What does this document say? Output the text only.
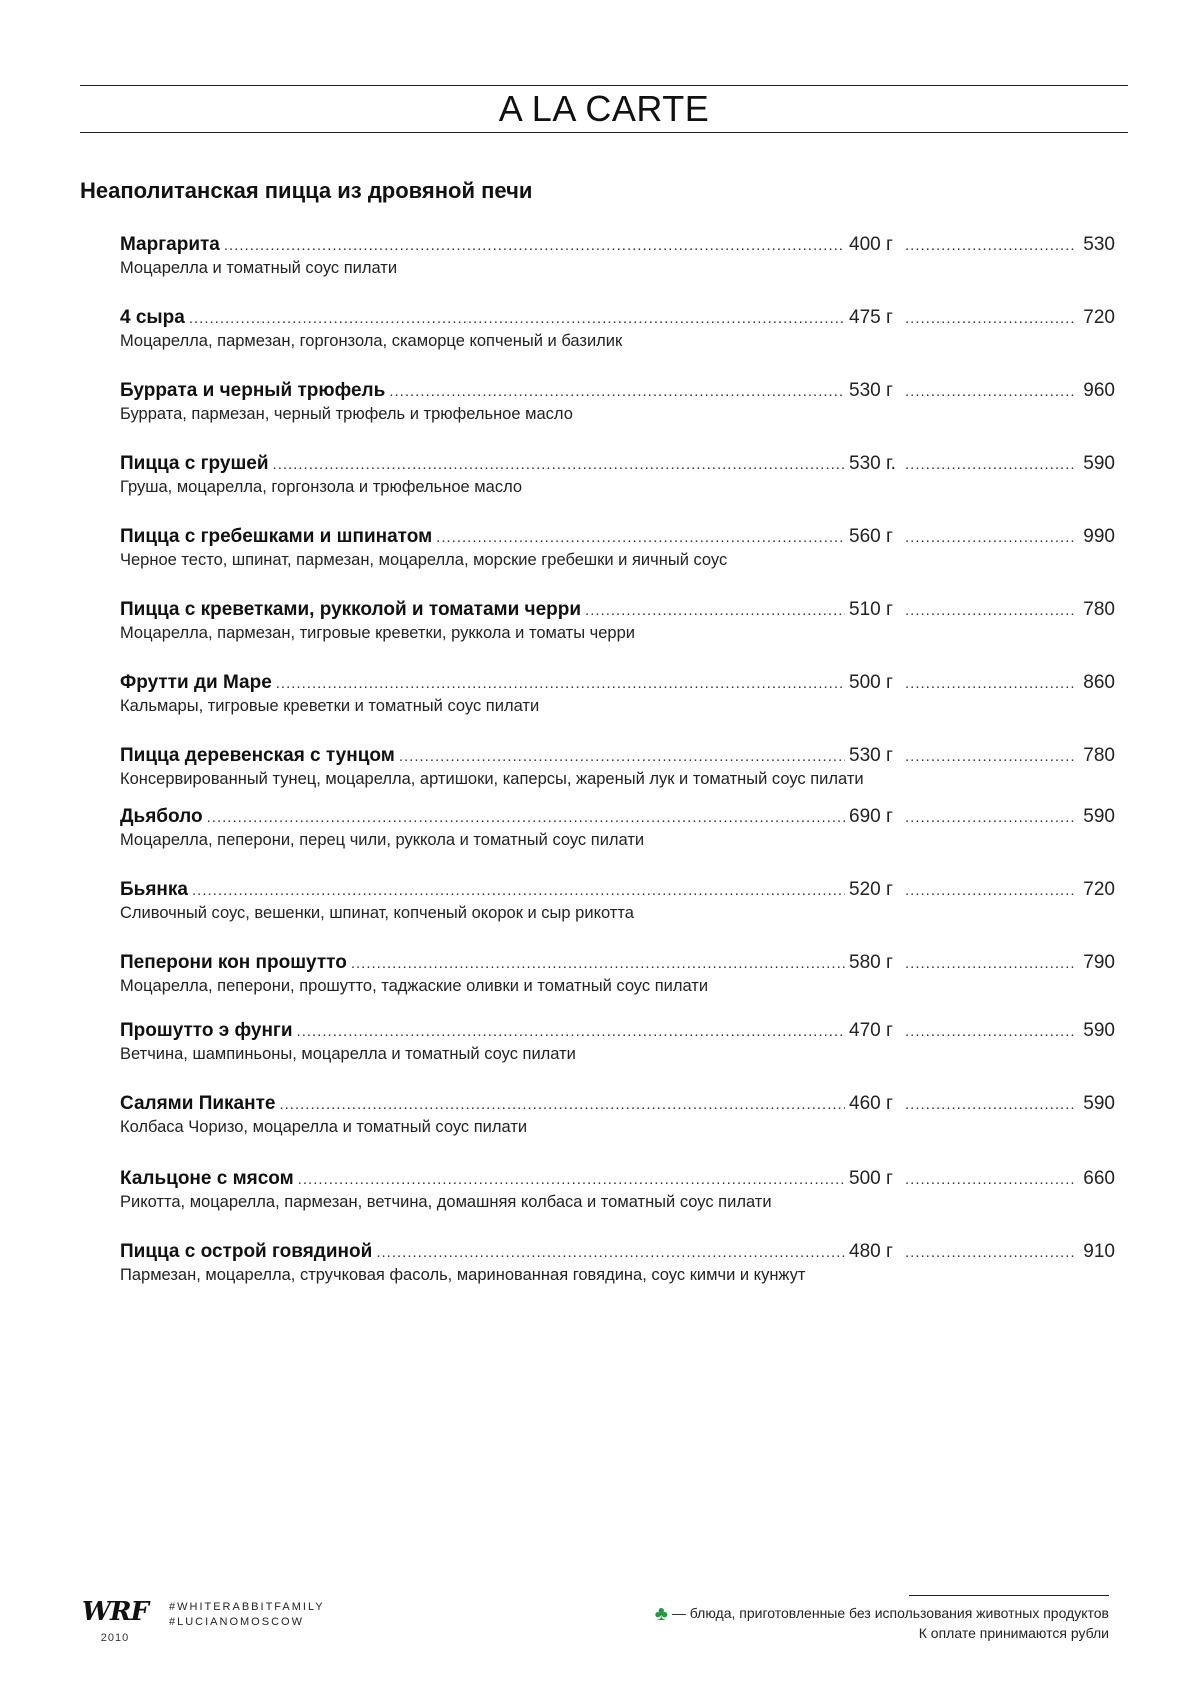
A LA CARTE
Неаполитанская пицца из дровяной печи
Маргарита .....	400 г .....	530
Моцарелла и томатный соус пилати
4 сыра .....	475 г .....	720
Моцарелла, пармезан, горгонзола, скаморце копченый и базилик
Буррата и черный трюфель .....	530 г .....	960
Буррата, пармезан, черный трюфель и трюфельное масло
Пицца с грушей .....	530 г. .....	590
Груша, моцарелла, горгонзола и трюфельное масло
Пицца с гребешками и шпинатом .....	560 г .....	990
Черное тесто, шпинат, пармезан, моцарелла, морские гребешки и яичный соус
Пицца с креветками, рукколой и томатами черри .....	510 г .....	780
Моцарелла, пармезан, тигровые креветки, руккола и томаты черри
Фрутти ди Маре .....	500 г .....	860
Кальмары, тигровые креветки и томатный соус пилати
Пицца деревенская с тунцом .....	530 г .....	780
Консервированный тунец, моцарелла, артишоки, каперсы, жареный лук и томатный соус пилати
Дьяболо .....	690 г .....	590
Моцарелла, пеперони, перец чили, руккола и томатный соус пилати
Бьянка .....	520 г .....	720
Сливочный соус, вешенки, шпинат, копченый окорок и сыр рикотта
Пеперони кон прошутто .....	580 г .....	790
Моцарелла, пеперони, прошутто, таджаские оливки и томатный соус пилати
Прошутто э фунги .....	470 г .....	590
Ветчина, шампиньоны, моцарелла и томатный соус пилати
Салями Пиканте .....	460 г .....	590
Колбаса Чоризо, моцарелла и томатный соус пилати
Кальцоне с мясом .....	500 г .....	660
Рикотта, моцарелла, пармезан, ветчина, домашняя колбаса и томатный соус пилати
Пицца с острой говядиной .....	480 г .....	910
Пармезан, моцарелла, стручковая фасоль, маринованная говядина, соус кимчи и кунжут
WRF
2010
#WHITERABBITFAMILY
#LUCIANOMOSCOW	♣ — блюда, приготовленные без использования животных продуктов
К оплате принимаются рубли
